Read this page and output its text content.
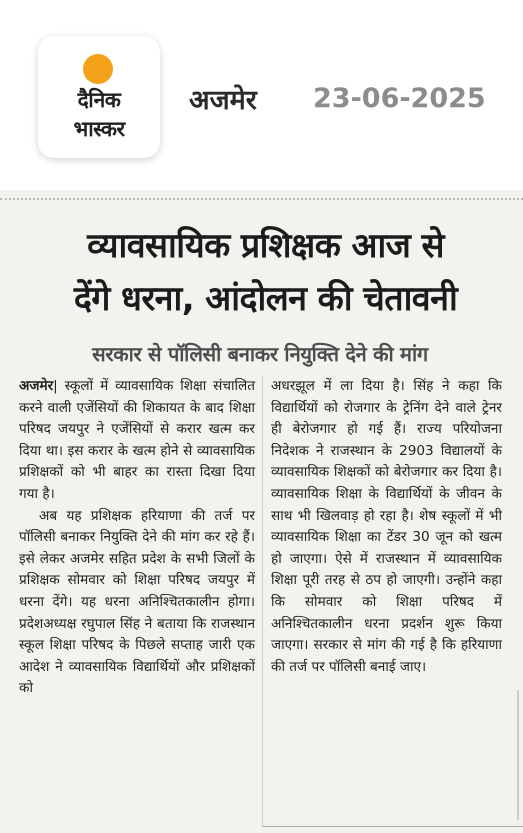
दैनिक
भास्कर
अजमेर 23-06-2025
व्यावसायिक प्रशिक्षक आज से
देंगे धरना, आंदोलन की चेतावनी
सरकार से पॉलिसी बनाकर नियुक्ति देने की मांग

अजमेर| स्कूलों में व्यावसायिक शिक्षा संचालित करने वाली एजेंसियों की शिकायत के बाद शिक्षा परिषद जयपुर ने एजेंसियों से करार खत्म कर दिया था। इस करार के खत्म होने से व्यावसायिक प्रशिक्षकों को भी बाहर का रास्ता दिखा दिया गया है।

अब यह प्रशिक्षक हरियाणा की तर्ज पर पॉलिसी बनाकर नियुक्ति देने की मांग कर रहे हैं। इसे लेकर अजमेर सहित प्रदेश के सभी जिलों के प्रशिक्षक सोमवार को शिक्षा परिषद जयपुर में धरना देंगे। यह धरना अनिश्चितकालीन होगा। प्रदेशअध्यक्ष रघुपाल सिंह ने बताया कि राजस्थान स्कूल शिक्षा परिषद के पिछले सप्ताह जारी एक आदेश ने व्यावसायिक विद्यार्थियों और प्रशिक्षकों को

अधरझूल में ला दिया है। सिंह ने कहा कि विद्यार्थियों को रोजगार के ट्रेनिंग देने वाले ट्रेनर ही बेरोजगार हो गई हैं। राज्य परियोजना निदेशक ने राजस्थान के 2903 विद्यालयों के व्यावसायिक शिक्षकों को बेरोजगार कर दिया है। व्यावसायिक शिक्षा के विद्यार्थियों के जीवन के साथ भी खिलवाड़ हो रहा है। शेष स्कूलों में भी व्यावसायिक शिक्षा का टेंडर 30 जून को खत्म हो जाएगा। ऐसे में राजस्थान में व्यावसायिक शिक्षा पूरी तरह से ठप हो जाएगी। उन्होंने कहा कि सोमवार को शिक्षा परिषद में अनिश्चितकालीन धरना प्रदर्शन शुरू किया जाएगा। सरकार से मांग की गई है कि हरियाणा की तर्ज पर पॉलिसी बनाई जाए।
